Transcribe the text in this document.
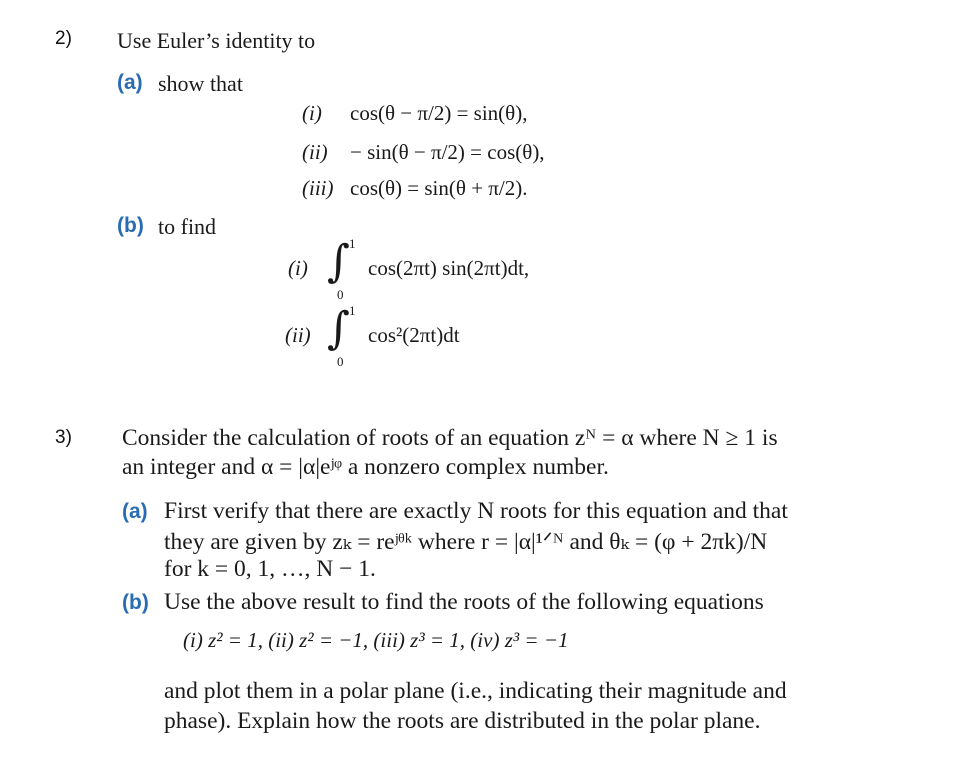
2) Use Euler’s identity to
(a) show that
(i) cos(θ − π/2) = sin(θ),
(ii) − sin(θ − π/2) = cos(θ),
(iii) cos(θ) = sin(θ + π/2).
(b) to find
(i) ∫ 1
0
cos(2πt) sin(2πt)dt,
(ii) ∫ 1
0
cos²(2πt)dt
3) Consider the calculation of roots of an equation zᴺ = α where N ≥ 1 is
an integer and α = |α|eʲᵠ a nonzero complex number.
(a) First verify that there are exactly N roots for this equation and that
they are given by zₖ = reʲᶿᵏ where r = |α|¹ᐟᴺ and θₖ = (φ + 2πk)/N
for k = 0, 1, …, N − 1.
(b) Use the above result to find the roots of the following equations
(i) z² = 1, (ii) z² = −1, (iii) z³ = 1, (iv) z³ = −1
and plot them in a polar plane (i.e., indicating their magnitude and
phase). Explain how the roots are distributed in the polar plane.
